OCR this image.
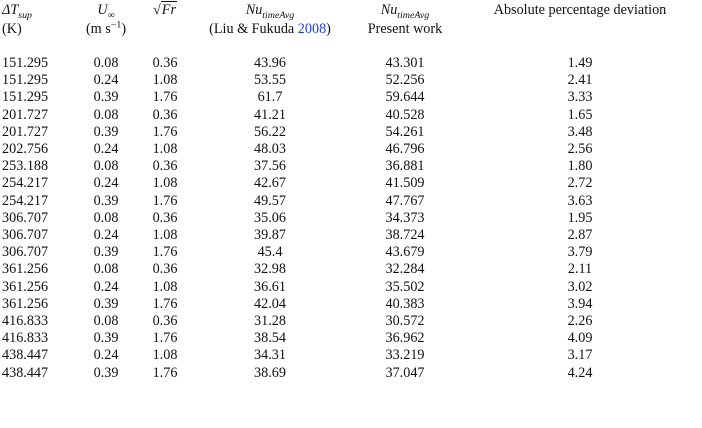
$\Delta T_{sup}$	$U_\infty$	√Fr	$Nu_{timeAvg}$	$Nu_{timeAvg}$	Absolute percentage deviation
(K)	(m $s^{-1}$)		(Liu & Fukuda 2008)	Present work	

151.295	0.08	0.36	43.96	43.301	1.49
151.295	0.24	1.08	53.55	52.256	2.41
151.295	0.39	1.76	61.7	59.644	3.33
201.727	0.08	0.36	41.21	40.528	1.65
201.727	0.39	1.76	56.22	54.261	3.48
202.756	0.24	1.08	48.03	46.796	2.56
253.188	0.08	0.36	37.56	36.881	1.80
254.217	0.24	1.08	42.67	41.509	2.72
254.217	0.39	1.76	49.57	47.767	3.63
306.707	0.08	0.36	35.06	34.373	1.95
306.707	0.24	1.08	39.87	38.724	2.87
306.707	0.39	1.76	45.4	43.679	3.79
361.256	0.08	0.36	32.98	32.284	2.11
361.256	0.24	1.08	36.61	35.502	3.02
361.256	0.39	1.76	42.04	40.383	3.94
416.833	0.08	0.36	31.28	30.572	2.26
416.833	0.39	1.76	38.54	36.962	4.09
438.447	0.24	1.08	34.31	33.219	3.17
438.447	0.39	1.76	38.69	37.047	4.24
